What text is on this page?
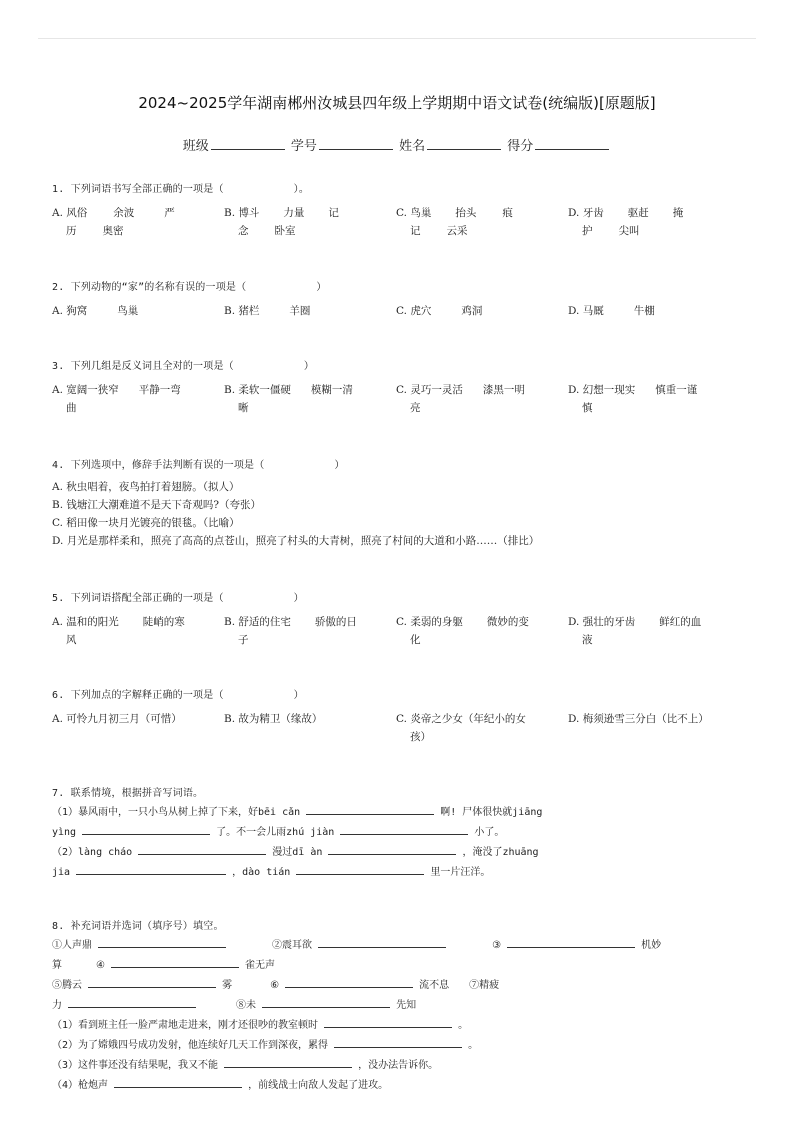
2024~2025学年湖南郴州汝城县四年级上学期期中语文试卷(统编版)[原题版]
班级	学号	姓名	得分
1. 下列词语书写全部正确的一项是（	）。
A. 风俗 余波	严
历 奥密
B. 博斗 力量 记
念 卧室
C. 鸟巢 抬头 痕
记 云采
D. 牙齿 驱赶 掩
护 尖叫
2. 下列动物的“家”的名称有误的一项是（	）
A. 狗窝	鸟巢	B. 猪栏	羊圈	C. 虎穴	鸡洞	D. 马厩	牛棚
3. 下列几组是反义词且全对的一项是（	）
A. 宽阔一狭窄 平静一弯
曲
B. 柔软一僵硬 模糊一清
晰
C. 灵巧一灵活 漆黑一明
亮
D. 幻想一现实 慎重一谨
慎
4. 下列选项中，修辞手法判断有误的一项是（	）
A. 秋虫唱着，夜鸟拍打着翅膀。（拟人）
B. 钱塘江大潮难道不是天下奇观吗?（夸张）
C. 稻田像一块月光镀亮的银毯。（比喻）
D. 月光是那样柔和，照亮了高高的点苍山，照亮了村头的大青树，照亮了村间的大道和小路……（排比）
5. 下列词语搭配全部正确的一项是（	）
A. 温和的阳光 陡峭的寒
风
B. 舒适的住宅 骄傲的日
子
C. 柔弱的身躯 微妙的变
化
D. 强壮的牙齿 鲜红的血
液
6. 下列加点的字解释正确的一项是（	）
A. 可怜九月初三月（可惜）	B. 故为精卫（缘故）	C. 炎帝之少女（年纪小的女
孩）
D. 梅须逊雪三分白（比不上）
7. 联系情境，根据拼音写词语。
（1）暴风雨中，一只小鸟从树上掉了下来，好bēi cǎn	啊! 尸体很快就jiāng
yìng	了。不一会儿雨zhú jiàn	小了。
（2）làng cháo	漫过dī àn	，淹没了zhuāng
jia	，dào tián	里一片汪洋。
8. 补充词语并选词（填序号）填空。
①人声鼎	②震耳欲	③	机妙
算	④	雀无声
⑤腾云	雾	⑥	流不息 ⑦精疲
力	⑧未	先知
（1）看到班主任一脸严肃地走进来，刚才还很吵的教室顿时	。
（2）为了嫦娥四号成功发射，他连续好几天工作到深夜，累得	。
（3）这件事还没有结果呢，我又不能	，没办法告诉你。
（4）枪炮声	，前线战士向敌人发起了进攻。
